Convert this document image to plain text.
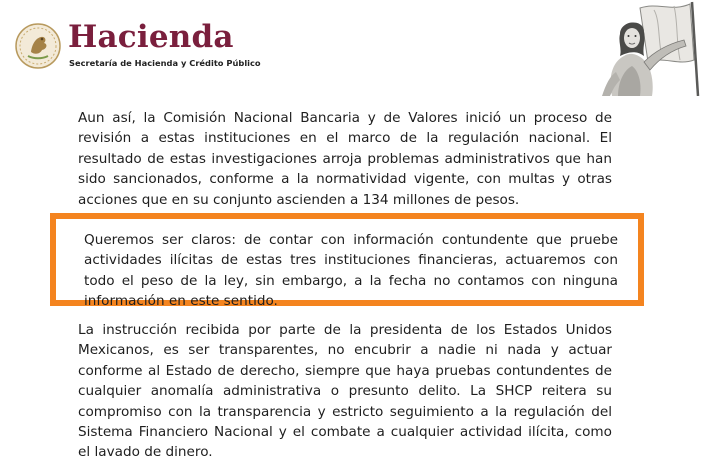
Hacienda
Secretaría de Hacienda y Crédito Público
Aun así, la Comisión Nacional Bancaria y de Valores inició un proceso de revisión a estas instituciones en el marco de la regulación nacional. El resultado de estas investigaciones arroja problemas administrativos que han sido sancionados, conforme a la normatividad vigente, con multas y otras acciones que en su conjunto ascienden a 134 millones de pesos.
Queremos ser claros: de contar con información contundente que pruebe actividades ilícitas de estas tres instituciones financieras, actuaremos con todo el peso de la ley, sin embargo, a la fecha no contamos con ninguna información en este sentido.
La instrucción recibida por parte de la presidenta de los Estados Unidos Mexicanos, es ser transparentes, no encubrir a nadie ni nada y actuar conforme al Estado de derecho, siempre que haya pruebas contundentes de cualquier anomalía administrativa o presunto delito. La SHCP reitera su compromiso con la transparencia y estricto seguimiento a la regulación del Sistema Financiero Nacional y el combate a cualquier actividad ilícita, como el lavado de dinero.
